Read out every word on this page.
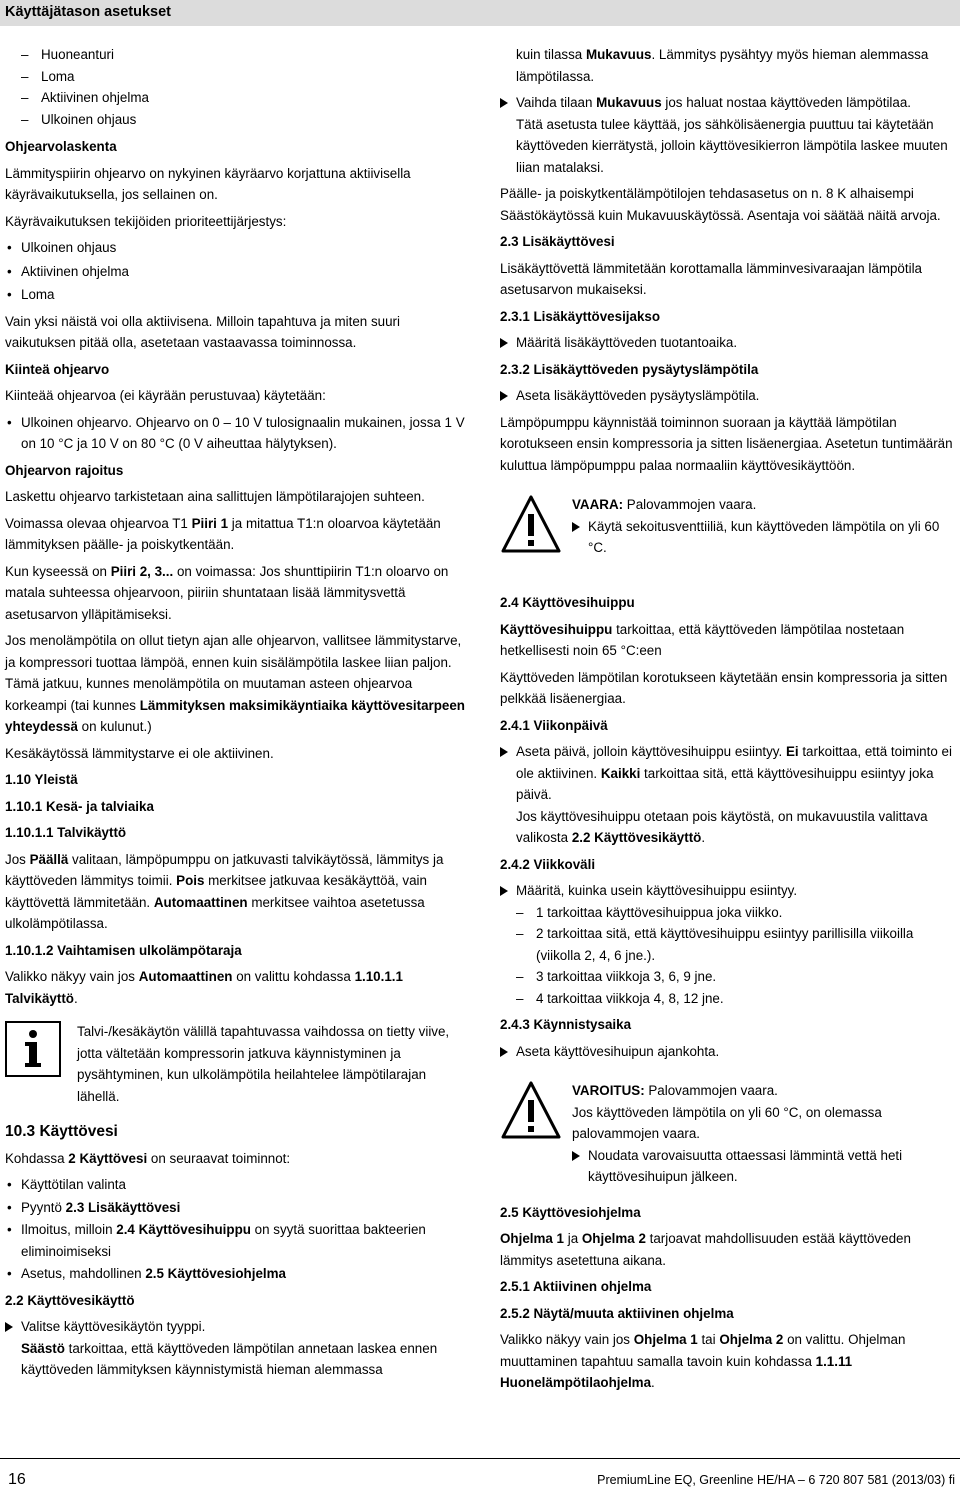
Käyttäjätason asetukset
– Huoneanturi
– Loma
– Aktiivinen ohjelma
– Ulkoinen ohjaus
Ohjearvolaskenta
Lämmityspiirin ohjearvo on nykyinen käyräarvo korjattuna aktiivisella käyrävaikutuksella, jos sellainen on.
Käyrävaikutuksen tekijöiden prioriteettijärjestys:
• Ulkoinen ohjaus
• Aktiivinen ohjelma
• Loma
Vain yksi näistä voi olla aktiivisena. Milloin tapahtuva ja miten suuri vaikutuksen pitää olla, asetetaan vastaavassa toiminnossa.
Kiinteä ohjearvo
Kiinteää ohjearvoa (ei käyrään perustuvaa) käytetään:
• Ulkoinen ohjearvo. Ohjearvo on 0 – 10 V tulosignaalin mukainen, jossa 1 V on 10 °C ja 10 V on 80 °C (0 V aiheuttaa hälytyksen).
Ohjearvon rajoitus
Laskettu ohjearvo tarkistetaan aina sallittujen lämpötilarajojen suhteen.
Voimassa olevaa ohjearvoa T1 Piiri 1 ja mitattua T1:n oloarvoa käytetään lämmityksen päälle- ja poiskytkentään.
Kun kyseessä on Piiri 2, 3... on voimassa: Jos shunttipiirin T1:n oloarvo on matala suhteessa ohjearvoon, piiriin shuntataan lisää lämmitysvettä asetusarvon ylläpitämiseksi.
Jos menolämpötila on ollut tietyn ajan alle ohjearvon, vallitsee lämmitystarve, ja kompressori tuottaa lämpöä, ennen kuin sisälämpötila laskee liian paljon. Tämä jatkuu, kunnes menolämpötila on muutaman asteen ohjearvoa korkeampi (tai kunnes Lämmityksen maksimikäyntiaika käyttövesitarpeen yhteydessä on kulunut.)
Kesäkäytössä lämmitystarve ei ole aktiivinen.
1.10 Yleistä
1.10.1 Kesä- ja talviaika
1.10.1.1 Talvikäyttö
Jos Päällä valitaan, lämpöpumppu on jatkuvasti talvikäytössä, lämmitys ja käyttöveden lämmitys toimii. Pois merkitsee jatkuvaa kesäkäyttöä, vain käyttövettä lämmitetään. Automaattinen merkitsee vaihtoa asetetussa ulkolämpötilassa.
1.10.1.2 Vaihtamisen ulkolämpötaraja
Valikko näkyy vain jos Automaattinen on valittu kohdassa 1.10.1.1 Talvikäyttö.
Talvi-/kesäkäytön välillä tapahtuvassa vaihdossa on tietty viive, jotta vältetään kompressorin jatkuva käynnistyminen ja pysähtyminen, kun ulkolämpötila heilahtelee lämpötilarajan lähellä.
10.3 Käyttövesi
Kohdassa 2 Käyttövesi on seuraavat toiminnot:
• Käyttötilan valinta
• Pyyntö 2.3 Lisäkäyttövesi
• Ilmoitus, milloin 2.4 Käyttövesihuippu on syytä suorittaa bakteerien eliminoimiseksi
• Asetus, mahdollinen 2.5 Käyttövesiohjelma
2.2 Käyttövesikäyttö
Valitse käyttövesikäytön tyyppi.
Säästö tarkoittaa, että käyttöveden lämpötilan annetaan laskea ennen käyttöveden lämmityksen käynnistymistä hieman alemmassa
kuin tilassa Mukavuus. Lämmitys pysähtyy myös hieman alemmassa lämpötilassa.
Vaihda tilaan Mukavuus jos haluat nostaa käyttöveden lämpötilaa.
Tätä asetusta tulee käyttää, jos sähkölisäenergia puuttuu tai käytetään käyttöveden kierrätystä, jolloin käyttövesikierron lämpötila laskee muuten liian matalaksi.
Päälle- ja poiskytkentälämpötilojen tehdasasetus on n. 8 K alhaisempi Säästökäytössä kuin Mukavuuskäytössä. Asentaja voi säätää näitä arvoja.
2.3 Lisäkäyttövesi
Lisäkäyttövettä lämmitetään korottamalla lämminvesivaraajan lämpötila asetusarvon mukaiseksi.
2.3.1 Lisäkäyttövesijakso
Määritä lisäkäyttöveden tuotantoaika.
2.3.2 Lisäkäyttöveden pysäytyslämpötila
Aseta lisäkäyttöveden pysäytyslämpötila.
Lämpöpumppu käynnistää toiminnon suoraan ja käyttää lämpötilan korotukseen ensin kompressoria ja sitten lisäenergiaa. Asetetun tuntimäärän kuluttua lämpöpumppu palaa normaaliin käyttövesikäyttöön.
VAARA: Palovammojen vaara.
Käytä sekoitusventtiiliä, kun käyttöveden lämpötila on yli 60 °C.
2.4 Käyttövesihuippu
Käyttövesihuippu tarkoittaa, että käyttöveden lämpötilaa nostetaan hetkellisesti noin 65 °C:een
Käyttöveden lämpötilan korotukseen käytetään ensin kompressoria ja sitten pelkkää lisäenergiaa.
2.4.1 Viikonpäivä
Aseta päivä, jolloin käyttövesihuippu esiintyy. Ei tarkoittaa, että toiminto ei ole aktiivinen. Kaikki tarkoittaa sitä, että käyttövesihuippu esiintyy joka päivä.
Jos käyttövesihuippu otetaan pois käytöstä, on mukavuustila valittava valikosta 2.2 Käyttövesikäyttö.
2.4.2 Viikkoväli
Määritä, kuinka usein käyttövesihuippu esiintyy.
– 1 tarkoittaa käyttövesihuippua joka viikko.
– 2 tarkoittaa sitä, että käyttövesihuippu esiintyy parillisilla viikoilla (viikolla 2, 4, 6 jne.).
– 3 tarkoittaa viikkoja 3, 6, 9 jne.
– 4 tarkoittaa viikkoja 4, 8, 12 jne.
2.4.3 Käynnistysaika
Aseta käyttövesihuipun ajankohta.
VAROITUS: Palovammojen vaara.
Jos käyttöveden lämpötila on yli 60 °C, on olemassa palovammojen vaara.
Noudata varovaisuutta ottaessasi lämmintä vettä heti käyttövesihuipun jälkeen.
2.5 Käyttövesiohjelma
Ohjelma 1 ja Ohjelma 2 tarjoavat mahdollisuuden estää käyttöveden lämmitys asetettuna aikana.
2.5.1 Aktiivinen ohjelma
2.5.2 Näytä/muuta aktiivinen ohjelma
Valikko näkyy vain jos Ohjelma 1 tai Ohjelma 2 on valittu. Ohjelman muuttaminen tapahtuu samalla tavoin kuin kohdassa 1.1.11 Huonelämpötilaohjelma.
16	PremiumLine EQ, Greenline HE/HA – 6 720 807 581 (2013/03) fi
